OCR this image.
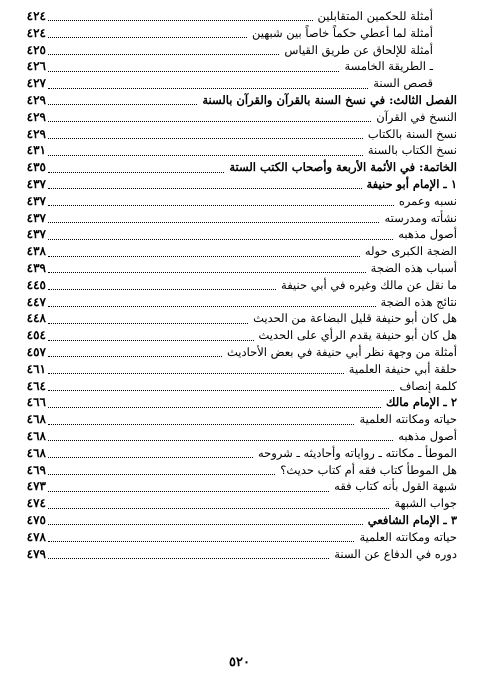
أمثلة للحكمين المتقابلين
٤٢٤
أمثلة لما أعطي حكماً خاصاً بين شبهين
٤٢٤
أمثلة للإلحاق عن طريق القياس
٤٢٥
ـ الطريقة الخامسة
٤٢٦
قصص السنة
٤٢٧
الفصل الثالث: في نسخ السنة بالقرآن والقرآن بالسنة
٤٢٩
النسخ في القرآن
٤٢٩
نسخ السنة بالكتاب
٤٢٩
نسخ الكتاب بالسنة
٤٣١
الخاتمة: في الأئمة الأربعة وأصحاب الكتب الستة
٤٣٥
١ ـ الإمام أبو حنيفة
٤٣٧
نسبه وعمره
٤٣٧
نشأته ومدرسته
٤٣٧
أصول مذهبه
٤٣٧
الضجة الكبرى حوله
٤٣٨
أسباب هذه الضجة
٤٣٩
ما نقل عن مالك وغيره في أبي حنيفة
٤٤٥
نتائج هذه الضجة
٤٤٧
هل كان أبو حنيفة قليل البضاعة من الحديث
٤٤٨
هل كان أبو حنيفة يقدم الرأي على الحديث
٤٥٤
أمثلة من وجهة نظر أبي حنيفة في بعض الأحاديث
٤٥٧
حلقة أبي حنيفة العلمية
٤٦١
كلمة إنصاف
٤٦٤
٢ ـ الإمام مالك
٤٦٦
حياته ومكانته العلمية
٤٦٨
أصول مذهبه
٤٦٨
الموطأ ـ مكانته ـ رواياته وأحاديثه ـ شروحه
٤٦٨
هل الموطأ كتاب فقه أم كتاب حديث؟
٤٦٩
شبهة القول بأنه كتاب فقه
٤٧٣
جواب الشبهة
٤٧٤
٣ ـ الإمام الشافعي
٤٧٥
حياته ومكانته العلمية
٤٧٨
دوره في الدفاع عن السنة
٤٧٩
٥٢٠
